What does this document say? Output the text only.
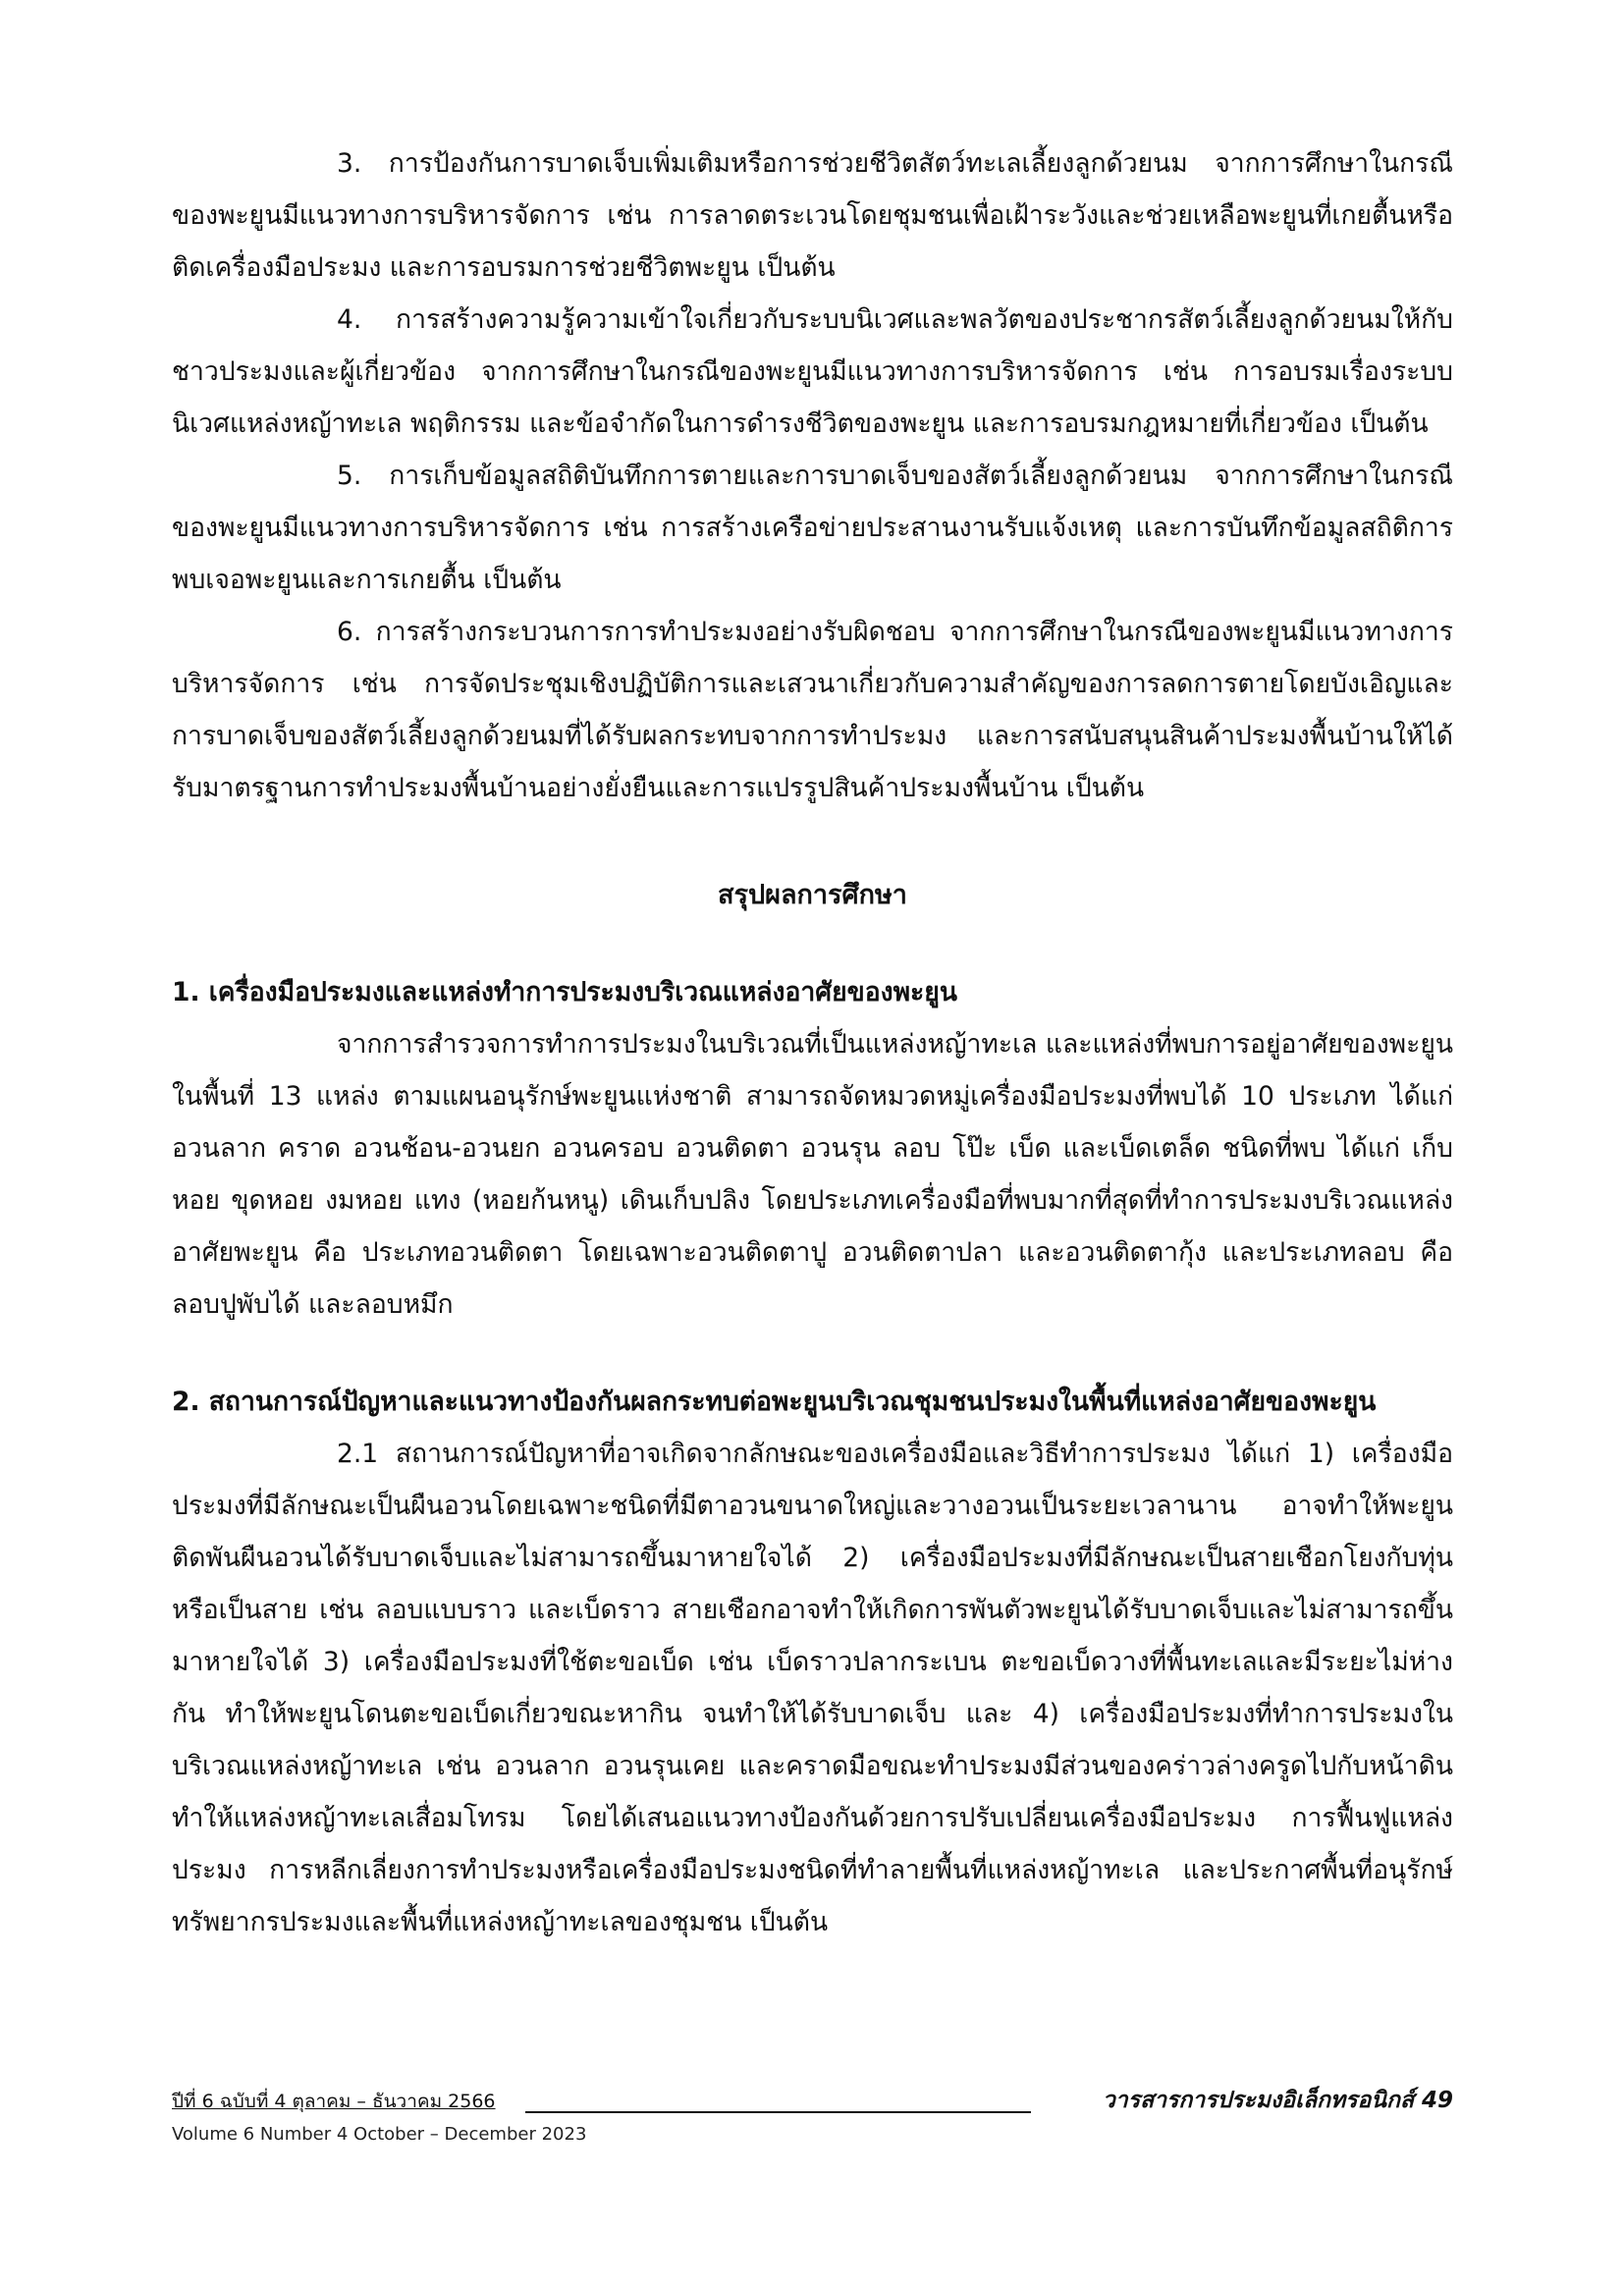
3. การป้องกันการบาดเจ็บเพิ่มเติมหรือการช่วยชีวิตสัตว์ทะเลเลี้ยงลูกด้วยนม จากการศึกษาในกรณีของพะยูนมีแนวทางการบริหารจัดการ เช่น การลาดตระเวนโดยชุมชนเพื่อเฝ้าระวังและช่วยเหลือพะยูนที่เกยตื้นหรือติดเครื่องมือประมง และการอบรมการช่วยชีวิตพะยูน เป็นต้น

4. การสร้างความรู้ความเข้าใจเกี่ยวกับระบบนิเวศและพลวัตของประชากรสัตว์เลี้ยงลูกด้วยนมให้กับชาวประมงและผู้เกี่ยวข้อง จากการศึกษาในกรณีของพะยูนมีแนวทางการบริหารจัดการ เช่น การอบรมเรื่องระบบนิเวศแหล่งหญ้าทะเล พฤติกรรม และข้อจำกัดในการดำรงชีวิตของพะยูน และการอบรมกฎหมายที่เกี่ยวข้อง เป็นต้น

5. การเก็บข้อมูลสถิติบันทึกการตายและการบาดเจ็บของสัตว์เลี้ยงลูกด้วยนม จากการศึกษาในกรณีของพะยูนมีแนวทางการบริหารจัดการ เช่น การสร้างเครือข่ายประสานงานรับแจ้งเหตุ และการบันทึกข้อมูลสถิติการพบเจอพะยูนและการเกยตื้น เป็นต้น

6. การสร้างกระบวนการการทำประมงอย่างรับผิดชอบ จากการศึกษาในกรณีของพะยูนมีแนวทางการบริหารจัดการ เช่น การจัดประชุมเชิงปฏิบัติการและเสวนาเกี่ยวกับความสำคัญของการลดการตายโดยบังเอิญและการบาดเจ็บของสัตว์เลี้ยงลูกด้วยนมที่ได้รับผลกระทบจากการทำประมง และการสนับสนุนสินค้าประมงพื้นบ้านให้ได้รับมาตรฐานการทำประมงพื้นบ้านอย่างยั่งยืนและการแปรรูปสินค้าประมงพื้นบ้าน เป็นต้น

สรุปผลการศึกษา

1. เครื่องมือประมงและแหล่งทำการประมงบริเวณแหล่งอาศัยของพะยูน

จากการสำรวจการทำการประมงในบริเวณที่เป็นแหล่งหญ้าทะเล และแหล่งที่พบการอยู่อาศัยของพะยูน ในพื้นที่ 13 แหล่ง ตามแผนอนุรักษ์พะยูนแห่งชาติ สามารถจัดหมวดหมู่เครื่องมือประมงที่พบได้ 10 ประเภท ได้แก่ อวนลาก คราด อวนช้อน-อวนยก อวนครอบ อวนติดตา อวนรุน ลอบ โป๊ะ เบ็ด และเบ็ดเตล็ด ชนิดที่พบ ได้แก่ เก็บหอย ขุดหอย งมหอย แทง (หอยก้นหนู) เดินเก็บปลิง โดยประเภทเครื่องมือที่พบมากที่สุดที่ทำการประมงบริเวณแหล่งอาศัยพะยูน คือ ประเภทอวนติดตา โดยเฉพาะอวนติดตาปู อวนติดตาปลา และอวนติดตากุ้ง และประเภทลอบ คือ ลอบปูพับได้ และลอบหมึก

2. สถานการณ์ปัญหาและแนวทางป้องกันผลกระทบต่อพะยูนบริเวณชุมชนประมงในพื้นที่แหล่งอาศัยของพะยูน

2.1 สถานการณ์ปัญหาที่อาจเกิดจากลักษณะของเครื่องมือและวิธีทำการประมง ได้แก่ 1) เครื่องมือประมงที่มีลักษณะเป็นผืนอวนโดยเฉพาะชนิดที่มีตาอวนขนาดใหญ่และวางอวนเป็นระยะเวลานาน อาจทำให้พะยูนติดพันผืนอวนได้รับบาดเจ็บและไม่สามารถขึ้นมาหายใจได้ 2) เครื่องมือประมงที่มีลักษณะเป็นสายเชือกโยงกับทุ่น หรือเป็นสาย เช่น ลอบแบบราว และเบ็ดราว สายเชือกอาจทำให้เกิดการพันตัวพะยูนได้รับบาดเจ็บและไม่สามารถขึ้นมาหายใจได้ 3) เครื่องมือประมงที่ใช้ตะขอเบ็ด เช่น เบ็ดราวปลากระเบน ตะขอเบ็ดวางที่พื้นทะเลและมีระยะไม่ห่างกัน ทำให้พะยูนโดนตะขอเบ็ดเกี่ยวขณะหากิน จนทำให้ได้รับบาดเจ็บ และ 4) เครื่องมือประมงที่ทำการประมงในบริเวณแหล่งหญ้าทะเล เช่น อวนลาก อวนรุนเคย และคราดมือขณะทำประมงมีส่วนของคร่าวล่างครูดไปกับหน้าดิน ทำให้แหล่งหญ้าทะเลเสื่อมโทรม โดยได้เสนอแนวทางป้องกันด้วยการปรับเปลี่ยนเครื่องมือประมง การฟื้นฟูแหล่งประมง การหลีกเลี่ยงการทำประมงหรือเครื่องมือประมงชนิดที่ทำลายพื้นที่แหล่งหญ้าทะเล และประกาศพื้นที่อนุรักษ์ทรัพยากรประมงและพื้นที่แหล่งหญ้าทะเลของชุมชน เป็นต้น

ปีที่ 6 ฉบับที่ 4 ตุลาคม – ธันวาคม 2566	วารสารการประมงอิเล็กทรอนิกส์ 49
Volume 6 Number 4 October – December 2023
